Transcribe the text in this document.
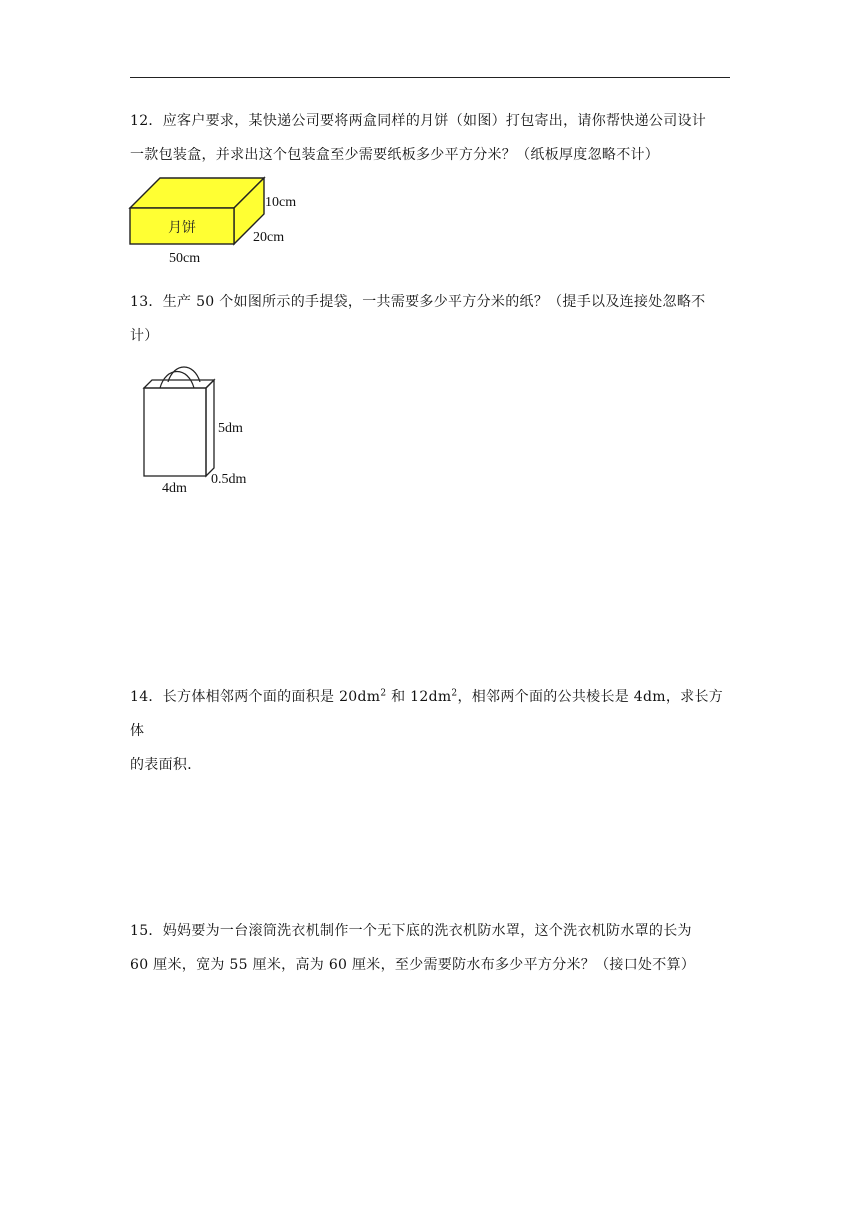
12．应客户要求，某快递公司要将两盒同样的月饼（如图）打包寄出，请你帮快递公司设计

一款包装盒，并求出这个包装盒至少需要纸板多少平方分米？（纸板厚度忽略不计）

月饼
10cm
20cm
50cm

13．生产 50 个如图所示的手提袋，一共需要多少平方分米的纸？（提手以及连接处忽略不

计）

5dm
0.5dm
4dm

14．长方体相邻两个面的面积是 $20dm^2$ 和 $12dm^2$，相邻两个面的公共棱长是 4dm，求长方体

的表面积．

15．妈妈要为一台滚筒洗衣机制作一个无下底的洗衣机防水罩，这个洗衣机防水罩的长为

60 厘米，宽为 55 厘米，高为 60 厘米，至少需要防水布多少平方分米？（接口处不算）
